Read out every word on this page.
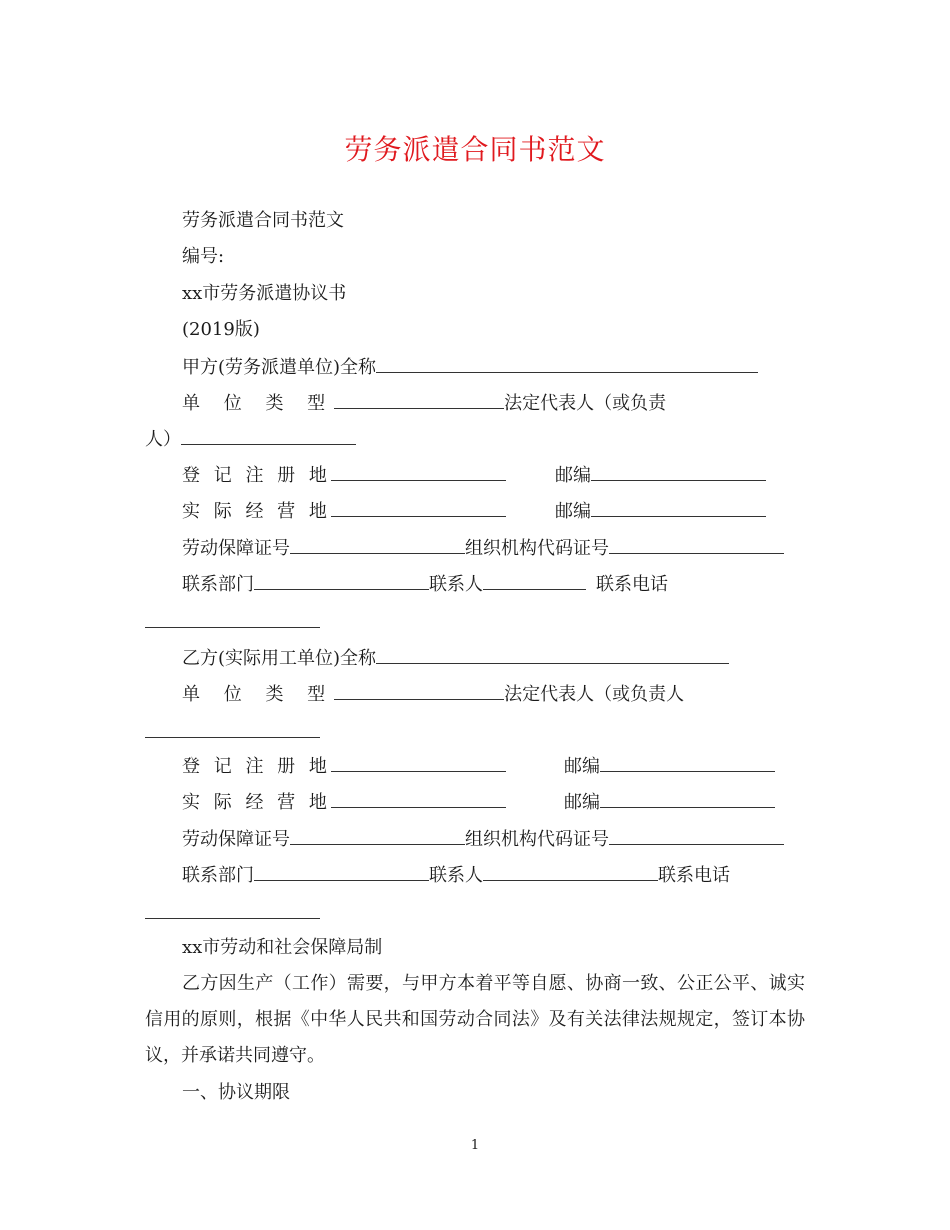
劳务派遣合同书范文
劳务派遣合同书范文
编号:
xx市劳务派遣协议书
(2019版)
甲方(劳务派遣单位)全称
单 位 类 型	法定代表人（或负责
人）
登 记 注 册 地	邮编
实 际 经 营 地	邮编
劳动保障证号	组织机构代码证号
联系部门	联系人	联系电话
乙方(实际用工单位)全称
单 位 类 型	法定代表人（或负责人
登 记 注 册 地	邮编
实 际 经 营 地	邮编
劳动保障证号	组织机构代码证号
联系部门	联系人	联系电话
xx市劳动和社会保障局制
乙方因生产（工作）需要，与甲方本着平等自愿、协商一致、公正公平、诚实信用的原则，根据《中华人民共和国劳动合同法》及有关法律法规规定，签订本协议，并承诺共同遵守。
一、协议期限
1
